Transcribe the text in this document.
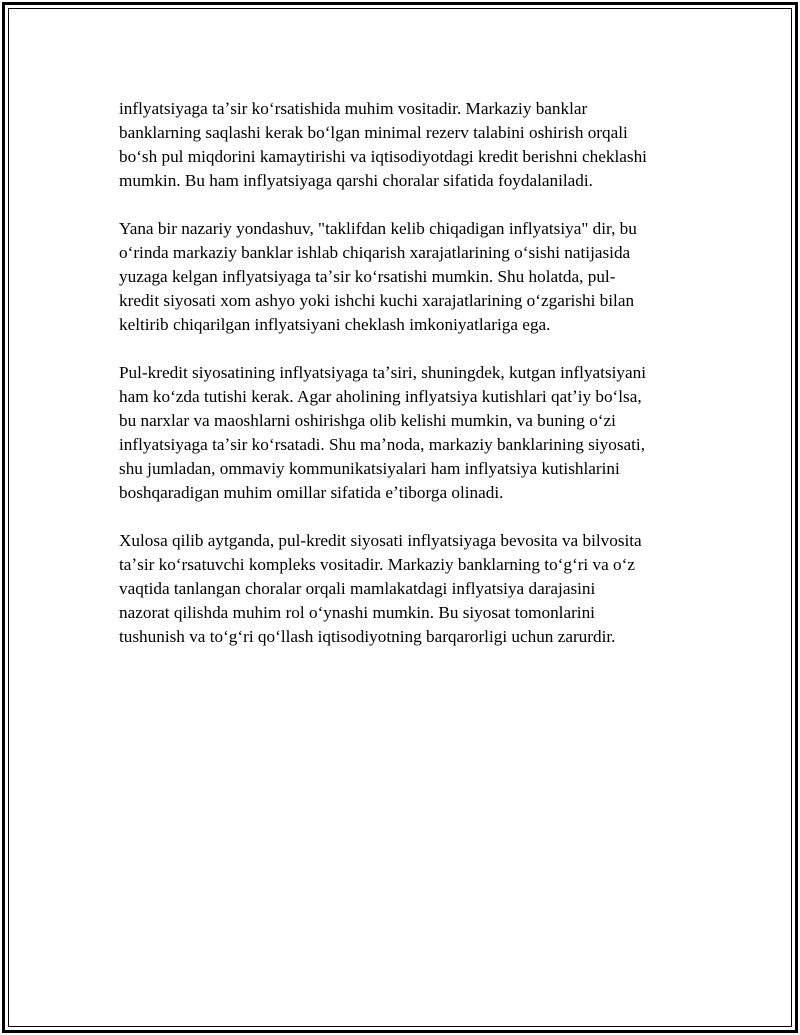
inflyatsiyaga taʼsir koʻrsatishida muhim vositadir. Markaziy banklar
banklarning saqlashi kerak boʻlgan minimal rezerv talabini oshirish orqali
boʻsh pul miqdorini kamaytirishi va iqtisodiyotdagi kredit berishni cheklashi
mumkin. Bu ham inflyatsiyaga qarshi choralar sifatida foydalaniladi.

Yana bir nazariy yondashuv, "taklifdan kelib chiqadigan inflyatsiya" dir, bu
oʻrinda markaziy banklar ishlab chiqarish xarajatlarining oʻsishi natijasida
yuzaga kelgan inflyatsiyaga taʼsir koʻrsatishi mumkin. Shu holatda, pul-
kredit siyosati xom ashyo yoki ishchi kuchi xarajatlarining oʻzgarishi bilan
keltirib chiqarilgan inflyatsiyani cheklash imkoniyatlariga ega.

Pul-kredit siyosatining inflyatsiyaga taʼsiri, shuningdek, kutgan inflyatsiyani
ham koʻzda tutishi kerak. Agar aholining inflyatsiya kutishlari qatʼiy boʻlsa,
bu narxlar va maoshlarni oshirishga olib kelishi mumkin, va buning oʻzi
inflyatsiyaga taʼsir koʻrsatadi. Shu maʼnoda, markaziy banklarining siyosati,
shu jumladan, ommaviy kommunikatsiyalari ham inflyatsiya kutishlarini
boshqaradigan muhim omillar sifatida eʼtiborga olinadi.

Xulosa qilib aytganda, pul-kredit siyosati inflyatsiyaga bevosita va bilvosita
taʼsir koʻrsatuvchi kompleks vositadir. Markaziy banklarning toʻgʻri va oʻz
vaqtida tanlangan choralar orqali mamlakatdagi inflyatsiya darajasini
nazorat qilishda muhim rol oʻynashi mumkin. Bu siyosat tomonlarini
tushunish va toʻgʻri qoʻllash iqtisodiyotning barqarorligi uchun zarurdir.
